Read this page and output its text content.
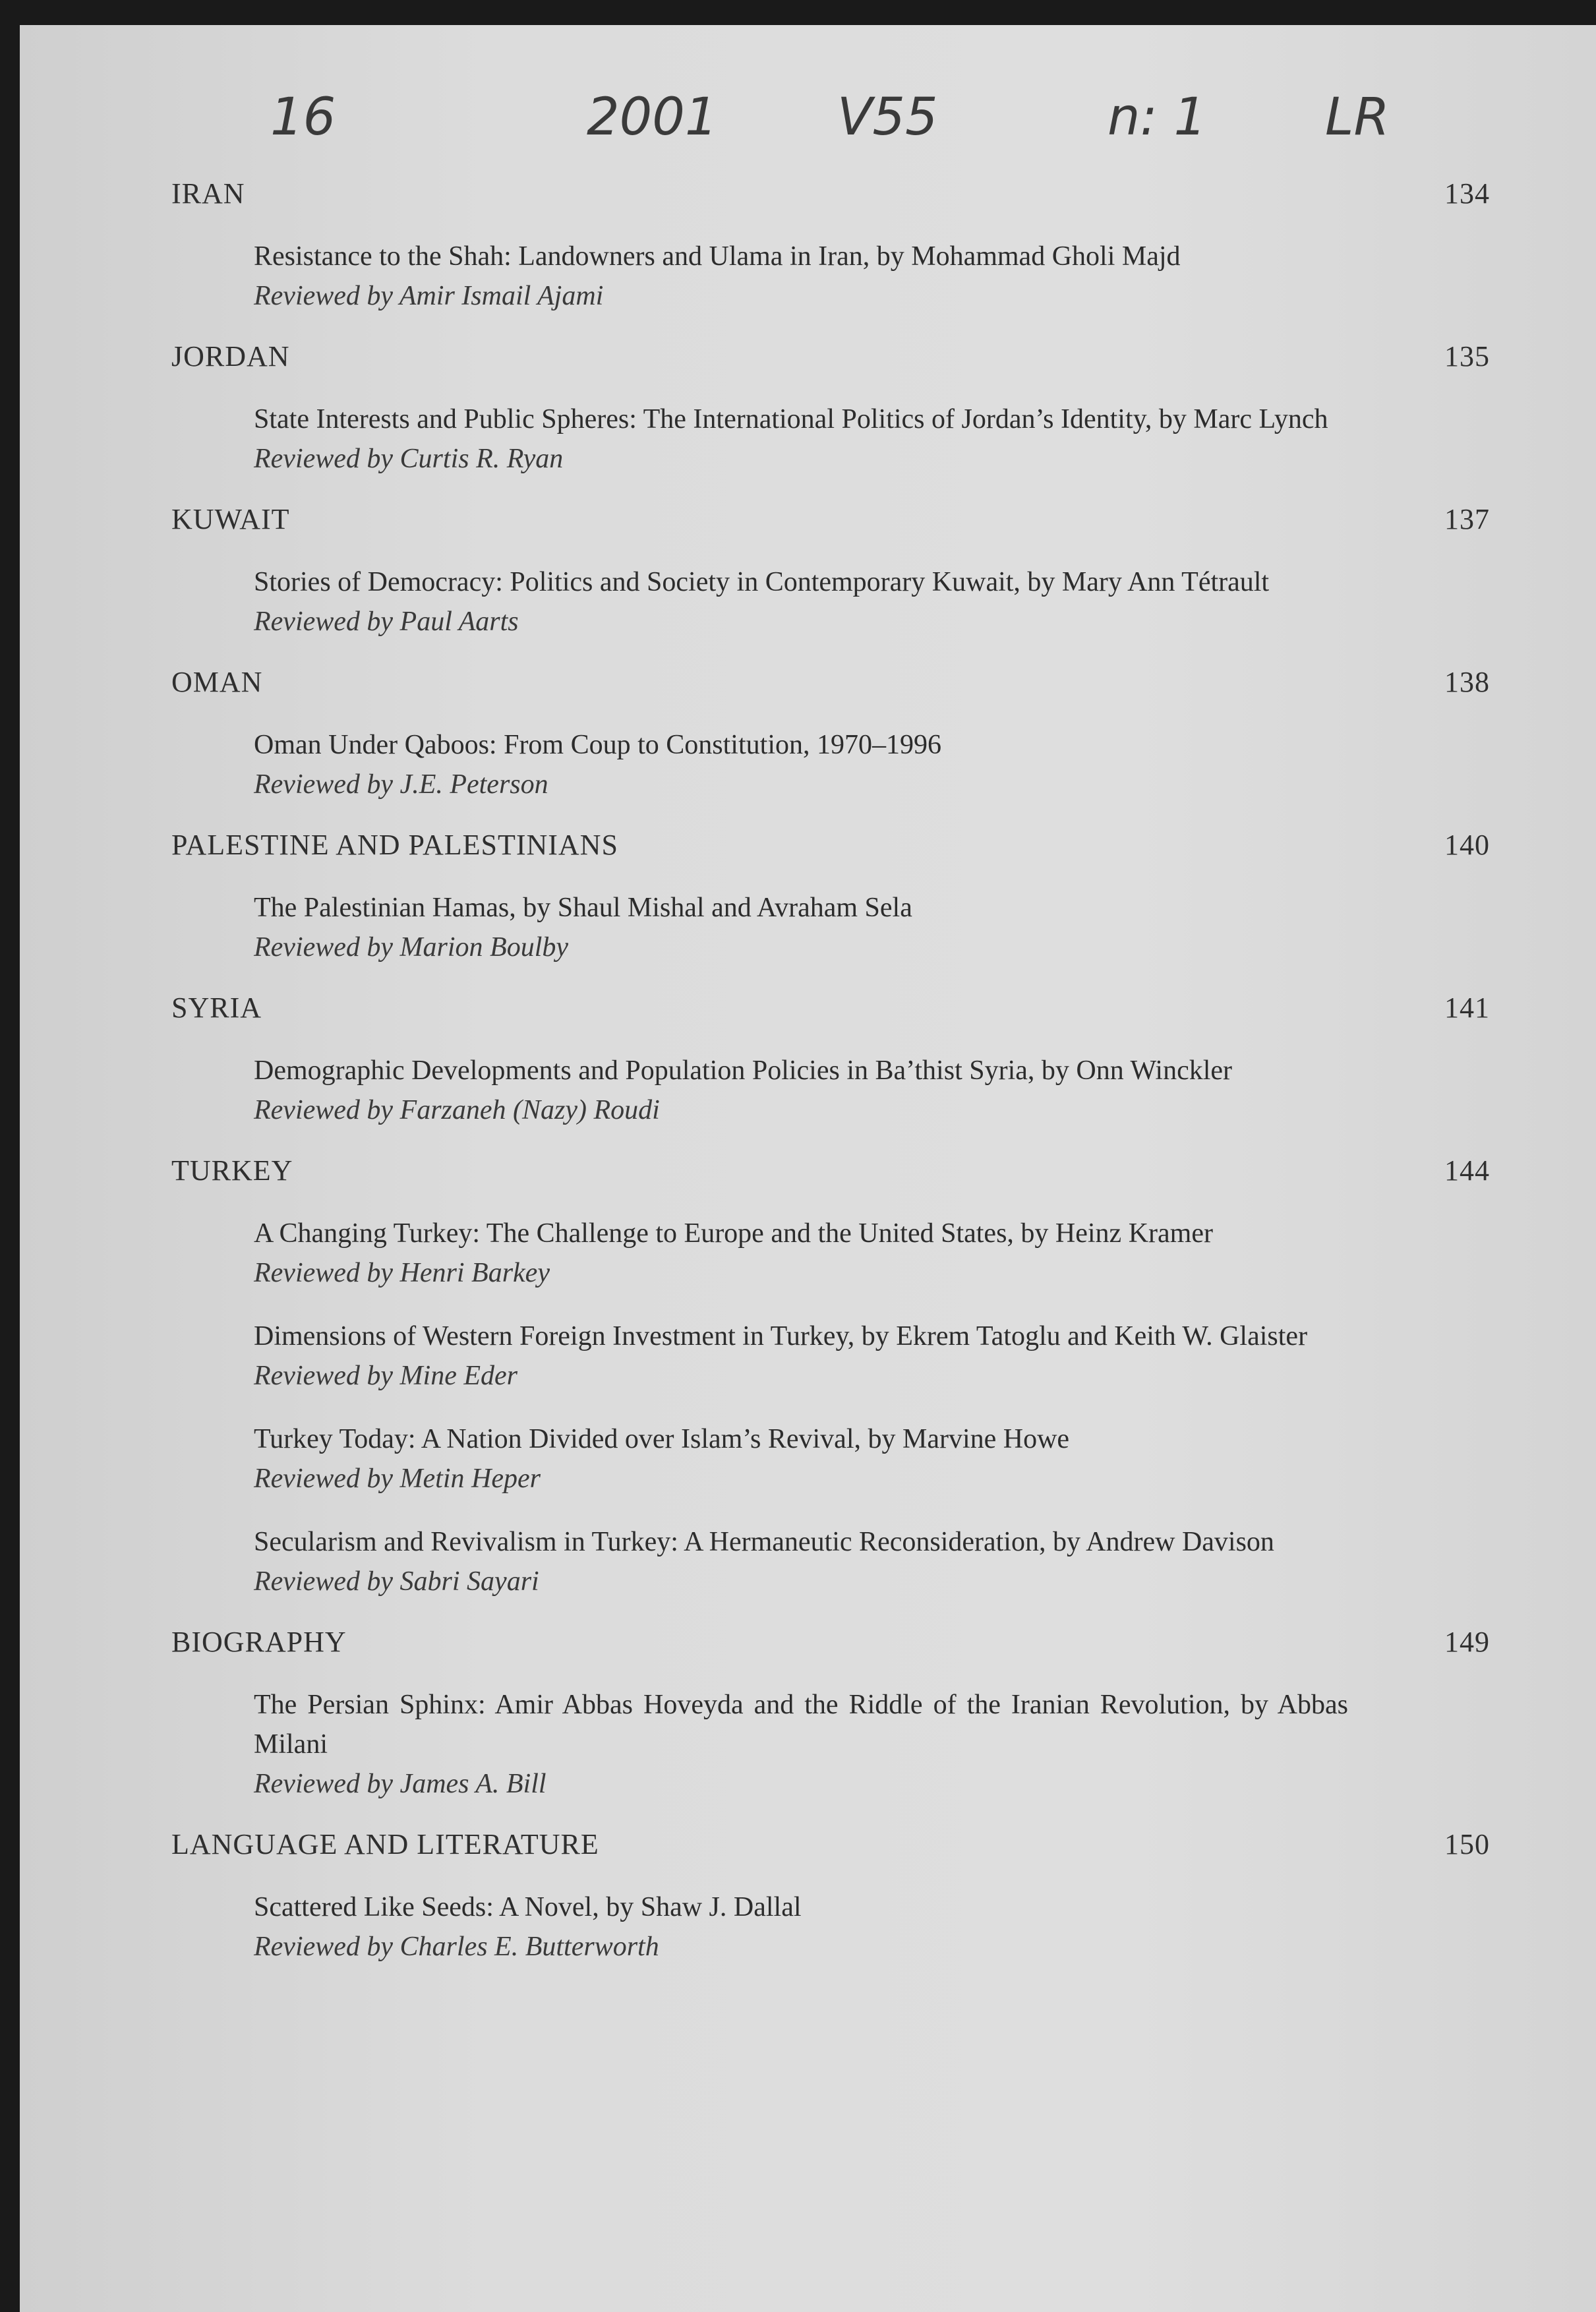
16	2001 V55	n: 1 LR
IRAN	134
Resistance to the Shah: Landowners and Ulama in Iran, by Mohammad Gholi Majd
Reviewed by Amir Ismail Ajami
JORDAN	135
State Interests and Public Spheres: The International Politics of Jordan’s Identity, by Marc Lynch
Reviewed by Curtis R. Ryan
KUWAIT	137
Stories of Democracy: Politics and Society in Contemporary Kuwait, by Mary Ann Tétrault
Reviewed by Paul Aarts
OMAN	138
Oman Under Qaboos: From Coup to Constitution, 1970–1996
Reviewed by J.E. Peterson
PALESTINE AND PALESTINIANS	140
The Palestinian Hamas, by Shaul Mishal and Avraham Sela
Reviewed by Marion Boulby
SYRIA	141
Demographic Developments and Population Policies in Ba’thist Syria, by Onn Winckler
Reviewed by Farzaneh (Nazy) Roudi
TURKEY	144
A Changing Turkey: The Challenge to Europe and the United States, by Heinz Kramer
Reviewed by Henri Barkey
Dimensions of Western Foreign Investment in Turkey, by Ekrem Tatoglu and Keith W. Glaister
Reviewed by Mine Eder
Turkey Today: A Nation Divided over Islam’s Revival, by Marvine Howe
Reviewed by Metin Heper
Secularism and Revivalism in Turkey: A Hermaneutic Reconsideration, by Andrew Davison
Reviewed by Sabri Sayari
BIOGRAPHY	149
The Persian Sphinx: Amir Abbas Hoveyda and the Riddle of the Iranian Revolution, by Abbas Milani
Reviewed by James A. Bill
LANGUAGE AND LITERATURE	150
Scattered Like Seeds: A Novel, by Shaw J. Dallal
Reviewed by Charles E. Butterworth
